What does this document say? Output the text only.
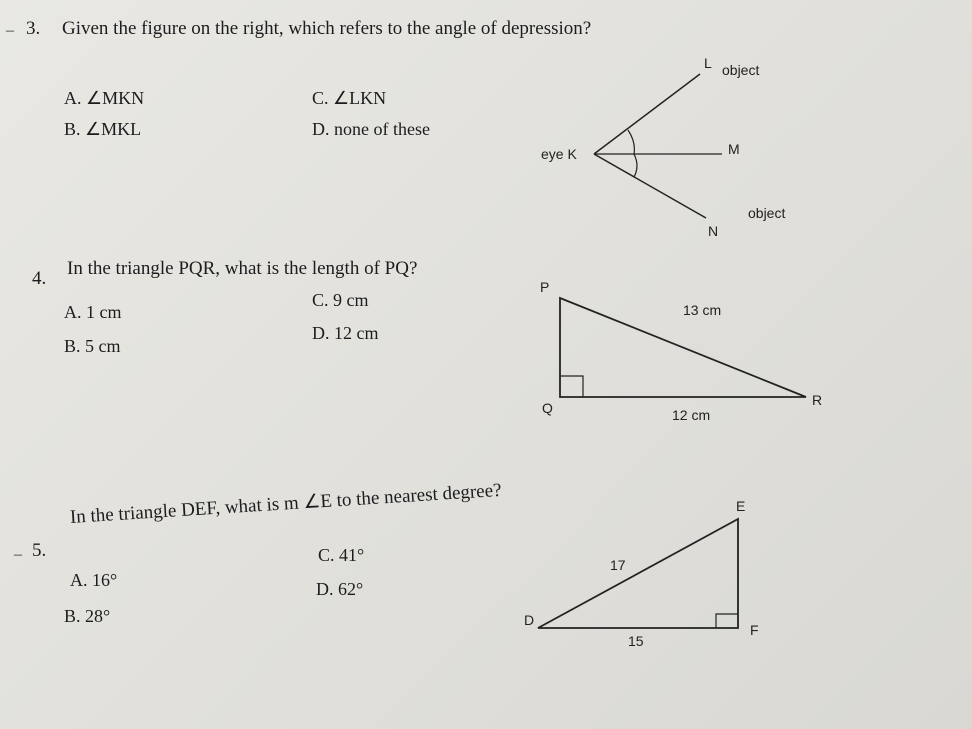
– 3. Given the figure on the right, which refers to the angle of depression?
A. ∠MKN	C. ∠LKN
B. ∠MKL	D. none of these
L object
eye K	M
object
N
4. In the triangle PQR, what is the length of PQ?
C. 9 cm
A. 1 cm
D. 12 cm
B. 5 cm
P
13 cm
Q	R
12 cm
– 5.
In the triangle DEF, what is m ∠E to the nearest degree?
C. 41°
A. 16°	D. 62°
B. 28°
E
17
D
F
15
